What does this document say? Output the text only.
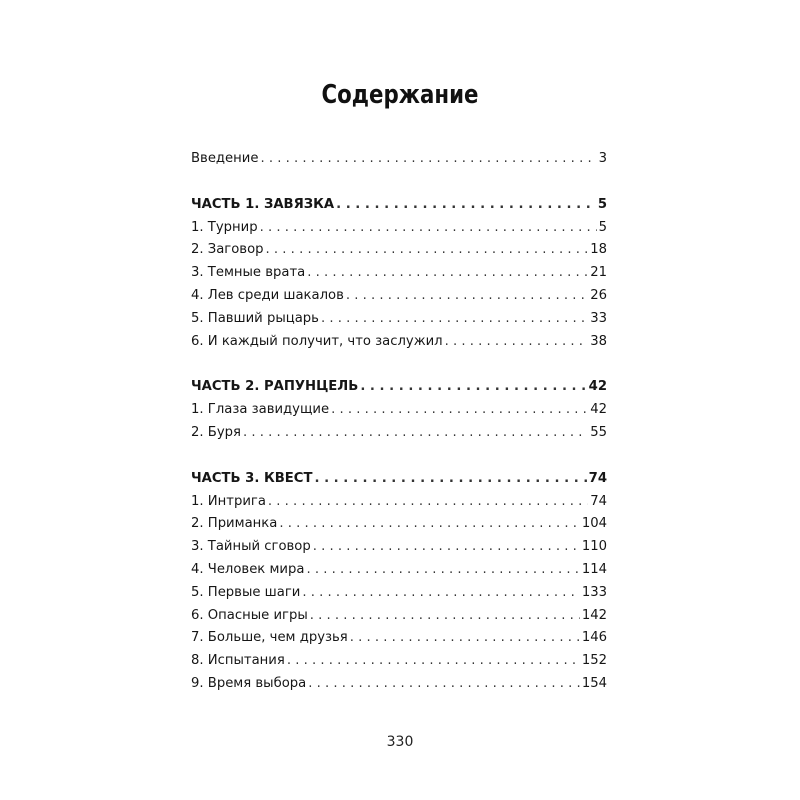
Содержание
Введение . . .	3
ЧАСТЬ 1. ЗАВЯЗКА . . .	5
1. Турнир . . .	5
2. Заговор . . .	18
3. Темные врата . . .	21
4. Лев среди шакалов . . .	26
5. Павший рыцарь . . .	33
6. И каждый получит, что заслужил . . .	38
ЧАСТЬ 2. РАПУНЦЕЛЬ . . .	42
1. Глаза завидущие . . .	42
2. Буря . . .	55
ЧАСТЬ 3. КВЕСТ . . .	74
1. Интрига . . .	74
2. Приманка . . .	104
3. Тайный сговор . . .	110
4. Человек мира . . .	114
5. Первые шаги . . .	133
6. Опасные игры . . .	142
7. Больше, чем друзья . . .	146
8. Испытания . . .	152
9. Время выбора . . .	154
330
